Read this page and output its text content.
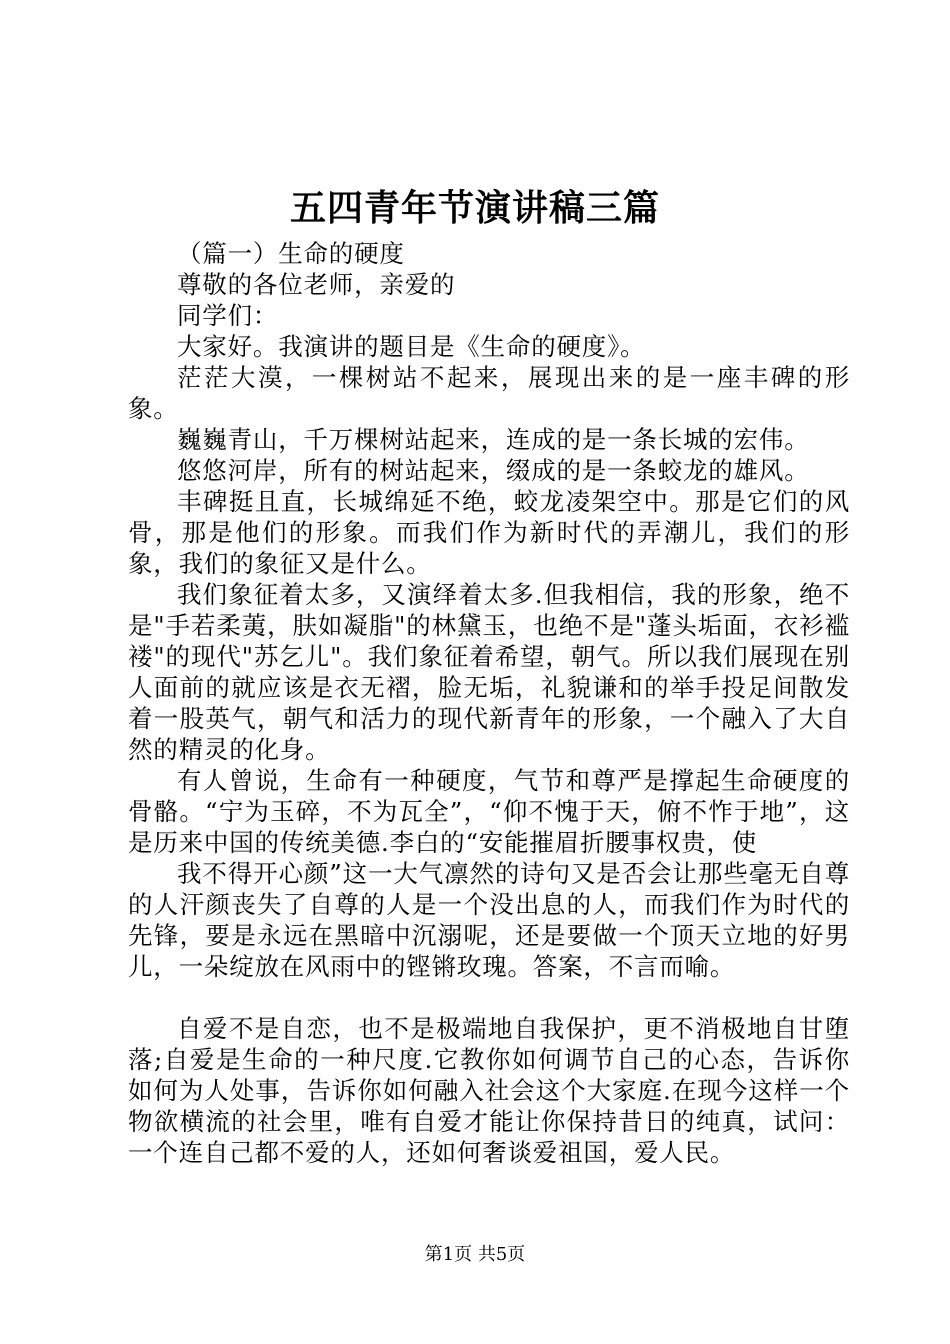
五四青年节演讲稿三篇

（篇一）生命的硬度

尊敬的各位老师，亲爱的

同学们：

大家好。我演讲的题目是《生命的硬度》。

茫茫大漠，一棵树站不起来，展现出来的是一座丰碑的形象。

巍巍青山，千万棵树站起来，连成的是一条长城的宏伟。

悠悠河岸，所有的树站起来，缀成的是一条蛟龙的雄风。

丰碑挺且直，长城绵延不绝，蛟龙凌架空中。那是它们的风骨，那是他们的形象。而我们作为新时代的弄潮儿，我们的形象，我们的象征又是什么。

我们象征着太多，又演绎着太多.但我相信，我的形象，绝不是"手若柔荑，肤如凝脂"的林黛玉，也绝不是"蓬头垢面，衣衫褴褛"的现代"苏乞儿"。我们象征着希望，朝气。所以我们展现在别人面前的就应该是衣无褶，脸无垢，礼貌谦和的举手投足间散发着一股英气，朝气和活力的现代新青年的形象，一个融入了大自然的精灵的化身。

有人曾说，生命有一种硬度，气节和尊严是撑起生命硬度的骨骼。“宁为玉碎，不为瓦全”，“仰不愧于天，俯不怍于地”，这是历来中国的传统美德.李白的“安能摧眉折腰事权贵，使

我不得开心颜”这一大气凛然的诗句又是否会让那些毫无自尊的人汗颜丧失了自尊的人是一个没出息的人，而我们作为时代的先锋，要是永远在黑暗中沉溺呢，还是要做一个顶天立地的好男儿，一朵绽放在风雨中的铿锵玫瑰。答案，不言而喻。

自爱不是自恋，也不是极端地自我保护，更不消极地自甘堕落;自爱是生命的一种尺度.它教你如何调节自己的心态，告诉你如何为人处事，告诉你如何融入社会这个大家庭.在现今这样一个物欲横流的社会里，唯有自爱才能让你保持昔日的纯真，试问：一个连自己都不爱的人，还如何奢谈爱祖国，爱人民。

第1页 共5页
